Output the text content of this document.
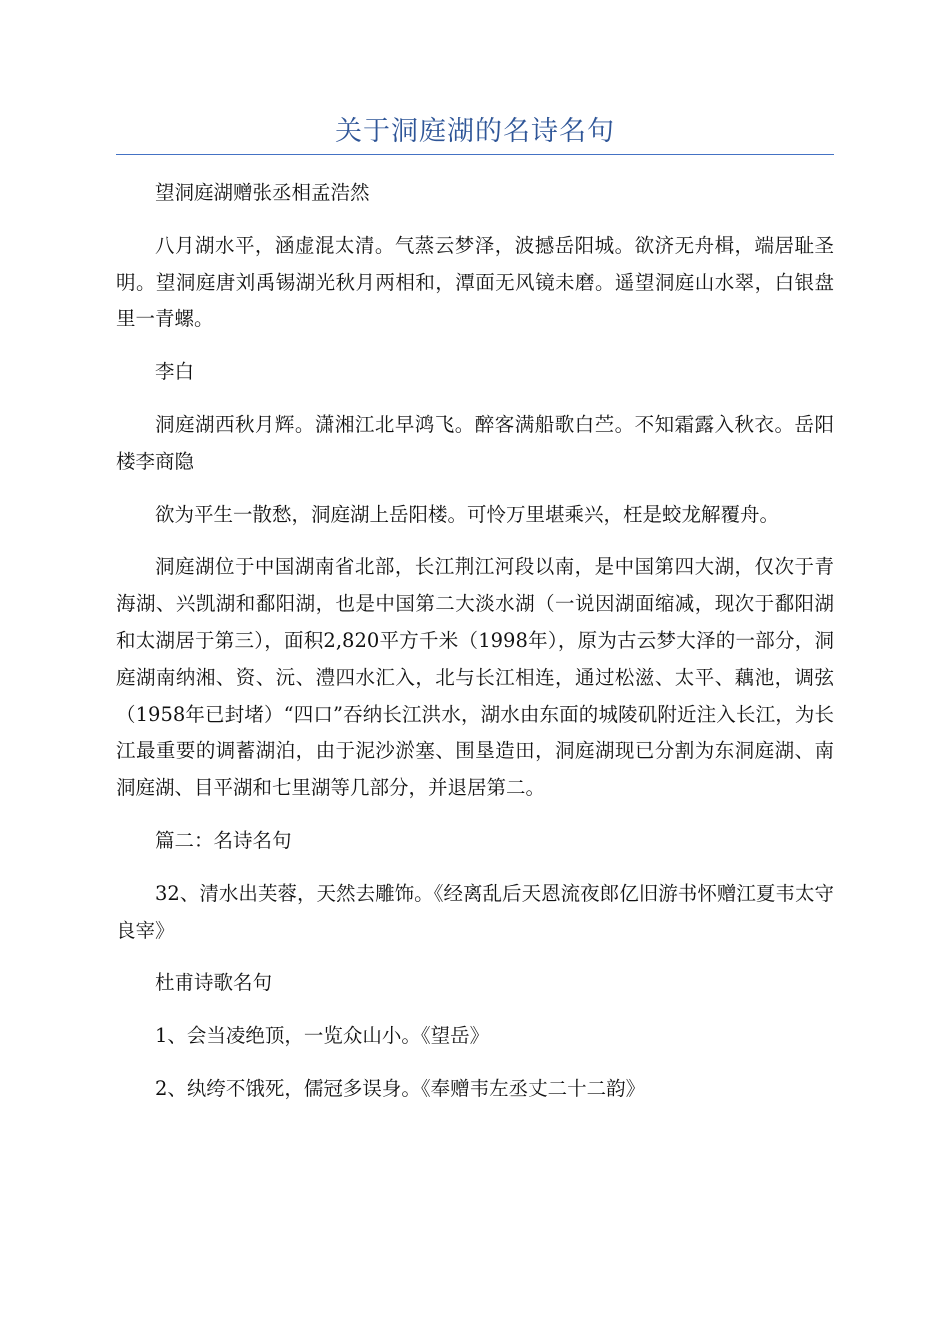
关于洞庭湖的名诗名句

望洞庭湖赠张丞相孟浩然

八月湖水平，涵虚混太清。气蒸云梦泽，波撼岳阳城。欲济无舟楫，端居耻圣明。望洞庭唐刘禹锡湖光秋月两相和，潭面无风镜未磨。遥望洞庭山水翠，白银盘里一青螺。

李白

洞庭湖西秋月辉。潇湘江北早鸿飞。醉客满船歌白苎。不知霜露入秋衣。岳阳楼李商隐

欲为平生一散愁，洞庭湖上岳阳楼。可怜万里堪乘兴，枉是蛟龙解覆舟。

洞庭湖位于中国湖南省北部，长江荆江河段以南，是中国第四大湖，仅次于青海湖、兴凯湖和鄱阳湖，也是中国第二大淡水湖（一说因湖面缩减，现次于鄱阳湖和太湖居于第三），面积2,820平方千米（1998年），原为古云梦大泽的一部分，洞庭湖南纳湘、资、沅、澧四水汇入，北与长江相连，通过松滋、太平、藕池，调弦（1958年已封堵）“四口”吞纳长江洪水，湖水由东面的城陵矶附近注入长江，为长江最重要的调蓄湖泊，由于泥沙淤塞、围垦造田，洞庭湖现已分割为东洞庭湖、南洞庭湖、目平湖和七里湖等几部分，并退居第二。

篇二：名诗名句

32、清水出芙蓉，天然去雕饰。《经离乱后天恩流夜郎亿旧游书怀赠江夏韦太守良宰》

杜甫诗歌名句

1、会当凌绝顶，一览众山小。《望岳》

2、纨绔不饿死，儒冠多误身。《奉赠韦左丞丈二十二韵》
